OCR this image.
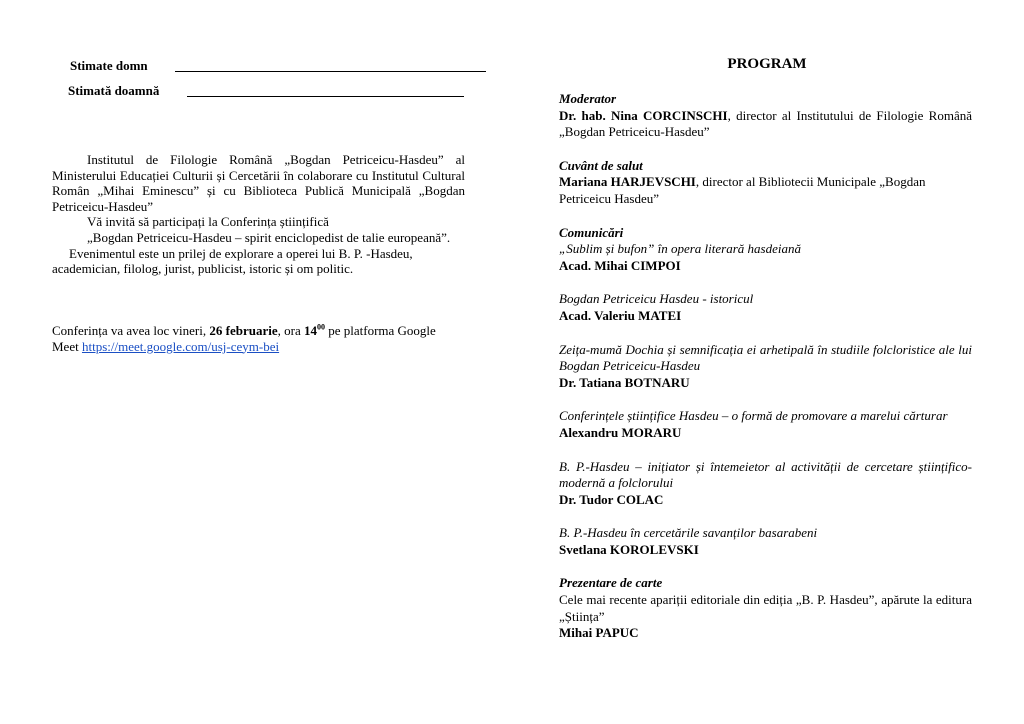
Stimate domn
Stimată doamnă

Institutul de Filologie Română „Bogdan Petriceicu-Hasdeu” al Ministerului Educației Culturii și Cercetării în colaborare cu Institutul Cultural Român „Mihai Eminescu” și cu Biblioteca Publică Municipală „Bogdan Petriceicu-Hasdeu”

Vă invită să participați la Conferința științifică

„Bogdan Petriceicu-Hasdeu – spirit enciclopedist de talie europeană”.

Evenimentul este un prilej de explorare a operei lui B. P. -Hasdeu, academician, filolog, jurist, publicist, istoric și om politic.

Conferința va avea loc vineri, 26 februarie, ora $14^{00}$ pe platforma Google Meet https://meet.google.com/usj-ceym-bei
PROGRAM
Moderator
Dr. hab. Nina CORCINSCHI, director al Institutului de Filologie Română „Bogdan Petriceicu-Hasdeu”
Cuvânt de salut
Mariana HARJEVSCHI, director al Bibliotecii Municipale „Bogdan Petriceicu Hasdeu”
Comunicări
„Sublim și bufon” în opera literară hasdeiană
Acad. Mihai CIMPOI
Bogdan Petriceicu Hasdeu - istoricul
Acad. Valeriu MATEI
Zeița-mumă Dochia și semnificația ei arhetipală în studiile folcloristice ale lui Bogdan Petriceicu-Hasdeu
Dr. Tatiana BOTNARU
Conferințele științifice Hasdeu – o formă de promovare a marelui cărturar
Alexandru MORARU
B. P.-Hasdeu – inițiator și întemeietor al activității de cercetare științifico-modernă a folclorului
Dr. Tudor COLAC
B. P.-Hasdeu în cercetările savanților basarabeni
Svetlana KOROLEVSKI
Prezentare de carte
Cele mai recente apariții editoriale din ediția „B. P. Hasdeu”, apărute la editura „Știința”
Mihai PAPUC
